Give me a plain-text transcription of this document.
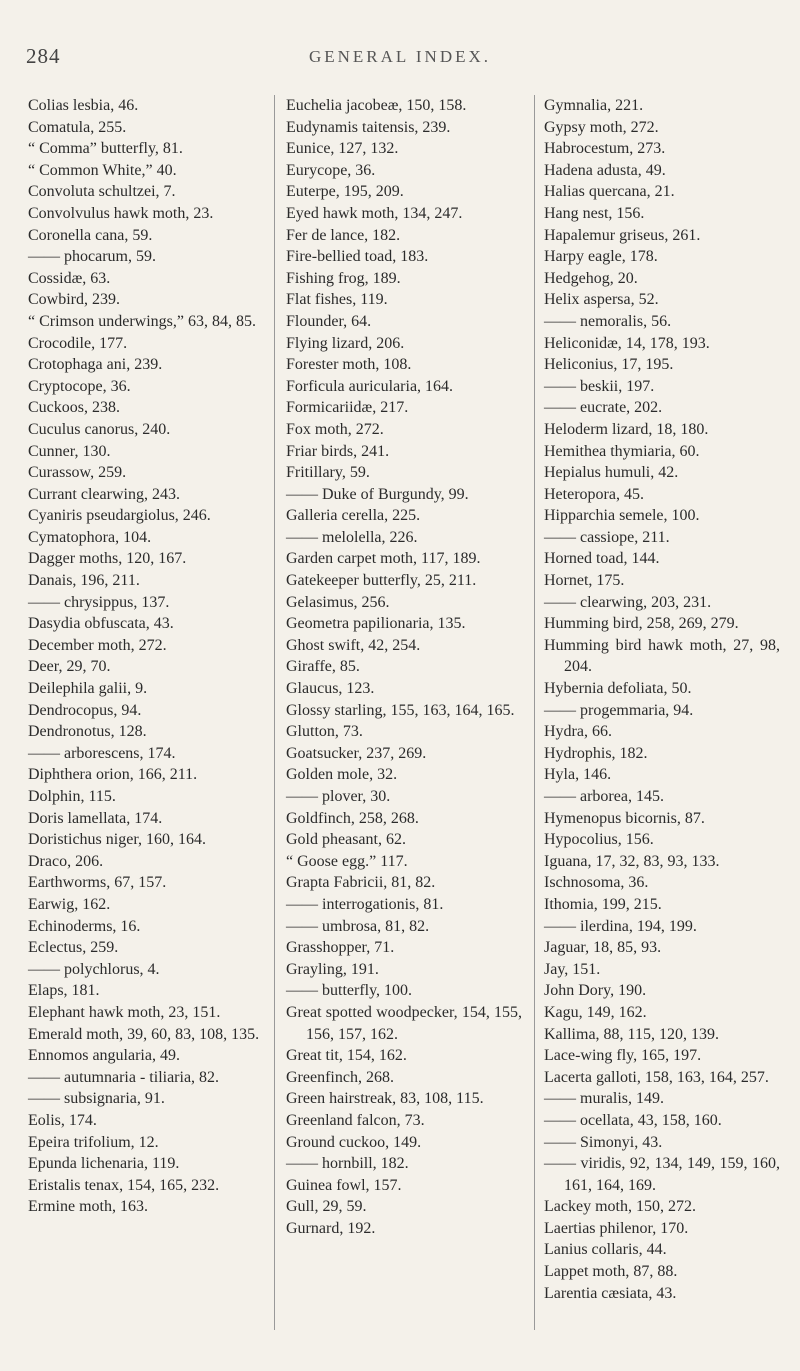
284	GENERAL INDEX.
Colias lesbia, 46.
Comatula, 255.
“ Comma” butterfly, 81.
“ Common White,” 40.
Convoluta schultzei, 7.
Convolvulus hawk moth, 23.
Coronella cana, 59.
—— phocarum, 59.
Cossidæ, 63.
Cowbird, 239.
“ Crimson underwings,” 63, 84, 85.
Crocodile, 177.
Crotophaga ani, 239.
Cryptocope, 36.
Cuckoos, 238.
Cuculus canorus, 240.
Cunner, 130.
Curassow, 259.
Currant clearwing, 243.
Cyaniris pseudargiolus, 246.
Cymatophora, 104.
Dagger moths, 120, 167.
Danais, 196, 211.
—— chrysippus, 137.
Dasydia obfuscata, 43.
December moth, 272.
Deer, 29, 70.
Deilephila galii, 9.
Dendrocopus, 94.
Dendronotus, 128.
—— arborescens, 174.
Diphthera orion, 166, 211.
Dolphin, 115.
Doris lamellata, 174.
Doristichus niger, 160, 164.
Draco, 206.
Earthworms, 67, 157.
Earwig, 162.
Echinoderms, 16.
Eclectus, 259.
—— polychlorus, 4.
Elaps, 181.
Elephant hawk moth, 23, 151.
Emerald moth, 39, 60, 83, 108, 135.
Ennomos angularia, 49.
—— autumnaria - tiliaria, 82.
—— subsignaria, 91.
Eolis, 174.
Epeira trifolium, 12.
Epunda lichenaria, 119.
Eristalis tenax, 154, 165, 232.
Ermine moth, 163.
Euchelia jacobeæ, 150, 158.
Eudynamis taitensis, 239.
Eunice, 127, 132.
Eurycope, 36.
Euterpe, 195, 209.
Eyed hawk moth, 134, 247.
Fer de lance, 182.
Fire-bellied toad, 183.
Fishing frog, 189.
Flat fishes, 119.
Flounder, 64.
Flying lizard, 206.
Forester moth, 108.
Forficula auricularia, 164.
Formicariidæ, 217.
Fox moth, 272.
Friar birds, 241.
Fritillary, 59.
—— Duke of Burgundy, 99.
Galleria cerella, 225.
—— melolella, 226.
Garden carpet moth, 117, 189.
Gatekeeper butterfly, 25, 211.
Gelasimus, 256.
Geometra papilionaria, 135.
Ghost swift, 42, 254.
Giraffe, 85.
Glaucus, 123.
Glossy starling, 155, 163, 164, 165.
Glutton, 73.
Goatsucker, 237, 269.
Golden mole, 32.
—— plover, 30.
Goldfinch, 258, 268.
Gold pheasant, 62.
“ Goose egg.” 117.
Grapta Fabricii, 81, 82.
—— interrogationis, 81.
—— umbrosa, 81, 82.
Grasshopper, 71.
Grayling, 191.
—— butterfly, 100.
Great spotted woodpecker, 154, 155, 156, 157, 162.
Great tit, 154, 162.
Greenfinch, 268.
Green hairstreak, 83, 108, 115.
Greenland falcon, 73.
Ground cuckoo, 149.
—— hornbill, 182.
Guinea fowl, 157.
Gull, 29, 59.
Gurnard, 192.
Gymnalia, 221.
Gypsy moth, 272.
Habrocestum, 273.
Hadena adusta, 49.
Halias quercana, 21.
Hang nest, 156.
Hapalemur griseus, 261.
Harpy eagle, 178.
Hedgehog, 20.
Helix aspersa, 52.
—— nemoralis, 56.
Heliconidæ, 14, 178, 193.
Heliconius, 17, 195.
—— beskii, 197.
—— eucrate, 202.
Heloderm lizard, 18, 180.
Hemithea thymiaria, 60.
Hepialus humuli, 42.
Heteropora, 45.
Hipparchia semele, 100.
—— cassiope, 211.
Horned toad, 144.
Hornet, 175.
—— clearwing, 203, 231.
Humming bird, 258, 269, 279.
Humming bird hawk moth, 27, 98, 204.
Hybernia defoliata, 50.
—— progemmaria, 94.
Hydra, 66.
Hydrophis, 182.
Hyla, 146.
—— arborea, 145.
Hymenopus bicornis, 87.
Hypocolius, 156.
Iguana, 17, 32, 83, 93, 133.
Ischnosoma, 36.
Ithomia, 199, 215.
—— ilerdina, 194, 199.
Jaguar, 18, 85, 93.
Jay, 151.
John Dory, 190.
Kagu, 149, 162.
Kallima, 88, 115, 120, 139.
Lace-wing fly, 165, 197.
Lacerta galloti, 158, 163, 164, 257.
—— muralis, 149.
—— ocellata, 43, 158, 160.
—— Simonyi, 43.
—— viridis, 92, 134, 149, 159, 160, 161, 164, 169.
Lackey moth, 150, 272.
Laertias philenor, 170.
Lanius collaris, 44.
Lappet moth, 87, 88.
Larentia cæsiata, 43.
